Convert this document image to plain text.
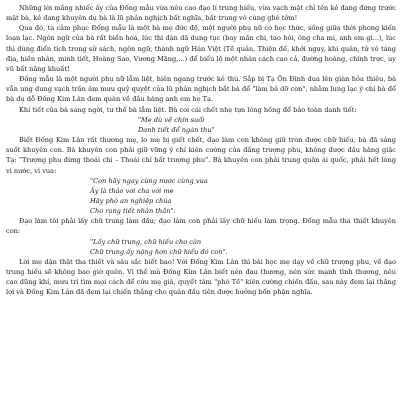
Những lời mắng nhiếc ấy của Đống mẫu vừa nêu cao đạo lí trung hiếu, vừa vạch mặt chỉ tên kẻ đang đứng trước mặt bà, kẻ đang khuyên dụ bà là lũ phản nghịch bất nghĩa, bất trung vô cùng ghê tởm!

Qua đó, ta cảm phục Đống mẫu là một bà mẹ đức độ, một người phụ nữ có học thức, sống giữa thời phong kiến loạn lạc. Ngôn ngữ của bà rất biền hoá, lúc thì dân dã dung tục (bay mần chi, tao hỏi, ông cha mi, anh em gì...), lúc thì dùng điển tích trong sử sách, ngôn ngữ, thành ngữ Hán Việt (Tề quân, Thiện đế, khởi ngụy, khi quân, tử vô táng địa, hiền nhân, minh tiết, Hoàng Sao, Vương Mãng,...) để biểu lộ một nhân cách cao cả, đường hoàng, chính trực, uy vũ bất năng khuất!

Đống mẫu là một người phụ nữ lẫm liệt, hiên ngang trước kẻ thù. Sắp bị Tạ Ôn Đình dụa lên giàn hỏa thiêu, bà vẫn ung dung vạch trần âm mưu quỷ quyệt của lũ phản nghịch bắt bà để "làm bả dỡ con", nhằm lung lạc ý chí bà để bà dụ dỗ Đống Kim Lân đem quân về đầu hàng anh em họ Tạ.

Khí tiết của bà sáng ngời, tư thế bà lẫm liệt. Bà coi cái chết nhẹ tựa lông hồng để bảo toàn danh tiết:

"Mẹ dù về chín suối
Danh tiết để ngàn thu"

Biết Đống Kim Lân rất thương mẹ, lo mẹ bị giết chết, đạo làm con không giữ tròn được chữ hiếu, bà đã sáng suốt khuyên con. Bà khuyên con phải giữ vững ý chí kiên cường của đấng trượng phu, không được đầu hàng giặc Tạ: "Trượng phu đừng thoái chí – Thoái chí bất trượng phu". Bà khuyên con phải trung quân ái quốc, phải hết lòng vì nước, vì vua:

"Con hãy ngay cùng nước cùng vua
Ấy là thảo với cha với mẹ
Hãy phò an nghiệp chúa
Cho rạng tiết nhân thần".

Đạo làm tôi phải lấy chữ trung làm đầu; đạo làm con phải lấy chữ hiếu làm trọng. Đống mẫu tha thiết khuyên con:

"Lấy chữ trung, chữ hiếu cho cân
Chữ trung ấy nặng hơn chữ hiếu đó con".

Lời mẹ dặn thật tha thiết và sâu sắc biết bao! Với Đống Kim Lân thì bài học mẹ dạy về chữ trượng phu, về đạo trung hiếu sẽ không bao giờ quên. Vì thế mà Đống Kim Lân biết nén đau thương, nén sức mạnh tình thương, nêu cao dũng khí, mưu trí tìm mọi cách để cứu mẹ già, quyết tâm "phò Tề" kiên cường chiến đấu, sau này đem lại thắng lợi và Đống Kim Lân đã đem lại chiến thắng cho quân đầu tiên được hưởng bốn phận nghĩa.
